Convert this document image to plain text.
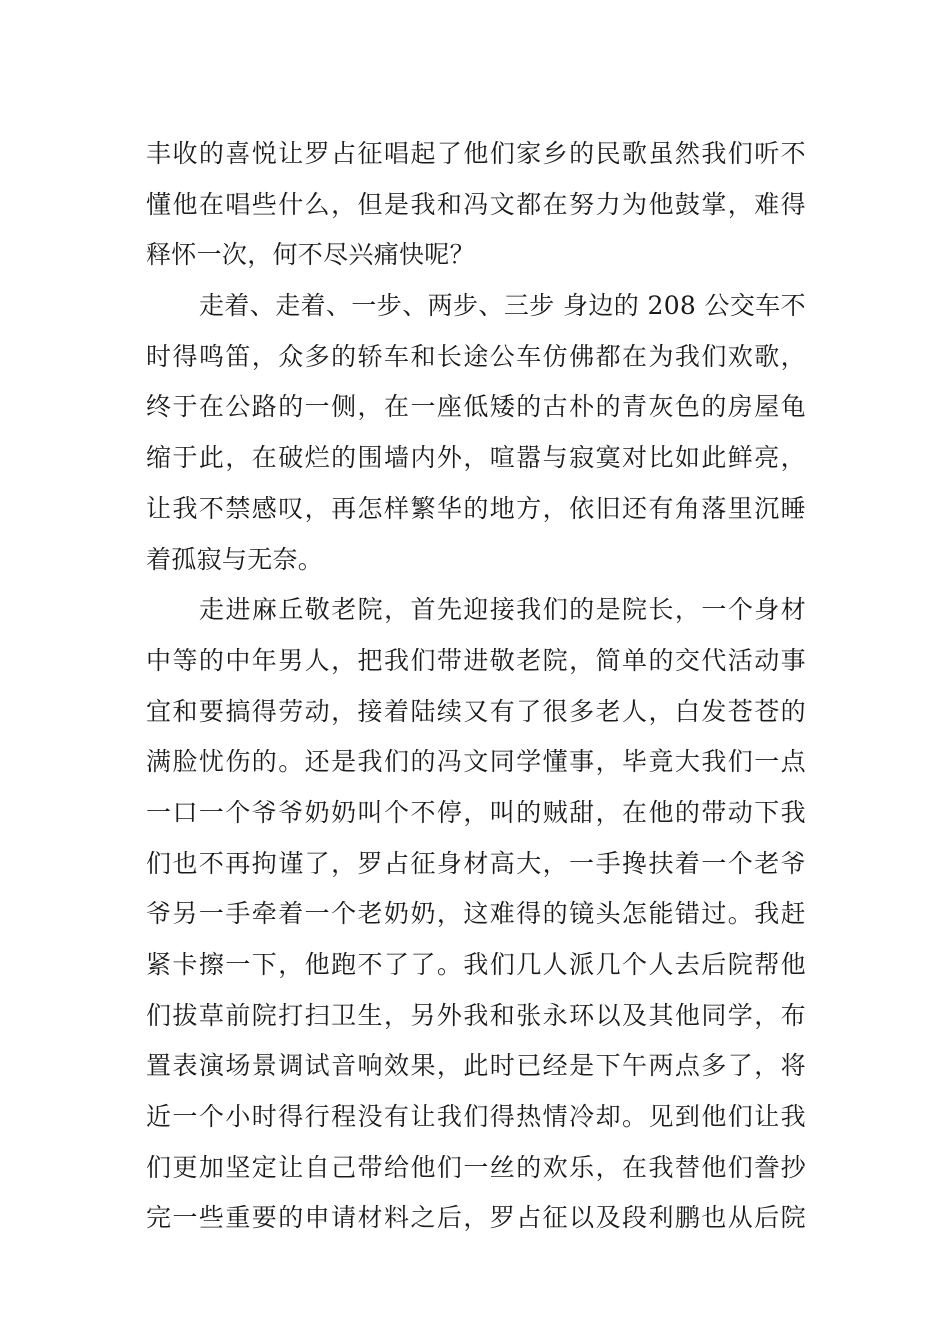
丰收的喜悦让罗占征唱起了他们家乡的民歌虽然我们听不
懂他在唱些什么，但是我和冯文都在努力为他鼓掌，难得
释怀一次，何不尽兴痛快呢？
走着、走着、一步、两步、三步 身边的 208 公交车不
时得鸣笛，众多的轿车和长途公车仿佛都在为我们欢歌，
终于在公路的一侧，在一座低矮的古朴的青灰色的房屋龟
缩于此，在破烂的围墙内外，喧嚣与寂寞对比如此鲜亮，
让我不禁感叹，再怎样繁华的地方，依旧还有角落里沉睡
着孤寂与无奈。
走进麻丘敬老院，首先迎接我们的是院长，一个身材
中等的中年男人，把我们带进敬老院，简单的交代活动事
宜和要搞得劳动，接着陆续又有了很多老人，白发苍苍的
满脸忧伤的。还是我们的冯文同学懂事，毕竟大我们一点
一口一个爷爷奶奶叫个不停，叫的贼甜，在他的带动下我
们也不再拘谨了，罗占征身材高大，一手搀扶着一个老爷
爷另一手牵着一个老奶奶，这难得的镜头怎能错过。我赶
紧卡擦一下，他跑不了了。我们几人派几个人去后院帮他
们拔草前院打扫卫生，另外我和张永环以及其他同学，布
置表演场景调试音响效果，此时已经是下午两点多了，将
近一个小时得行程没有让我们得热情冷却。见到他们让我
们更加坚定让自己带给他们一丝的欢乐，在我替他们誊抄
完一些重要的申请材料之后，罗占征以及段利鹏也从后院
